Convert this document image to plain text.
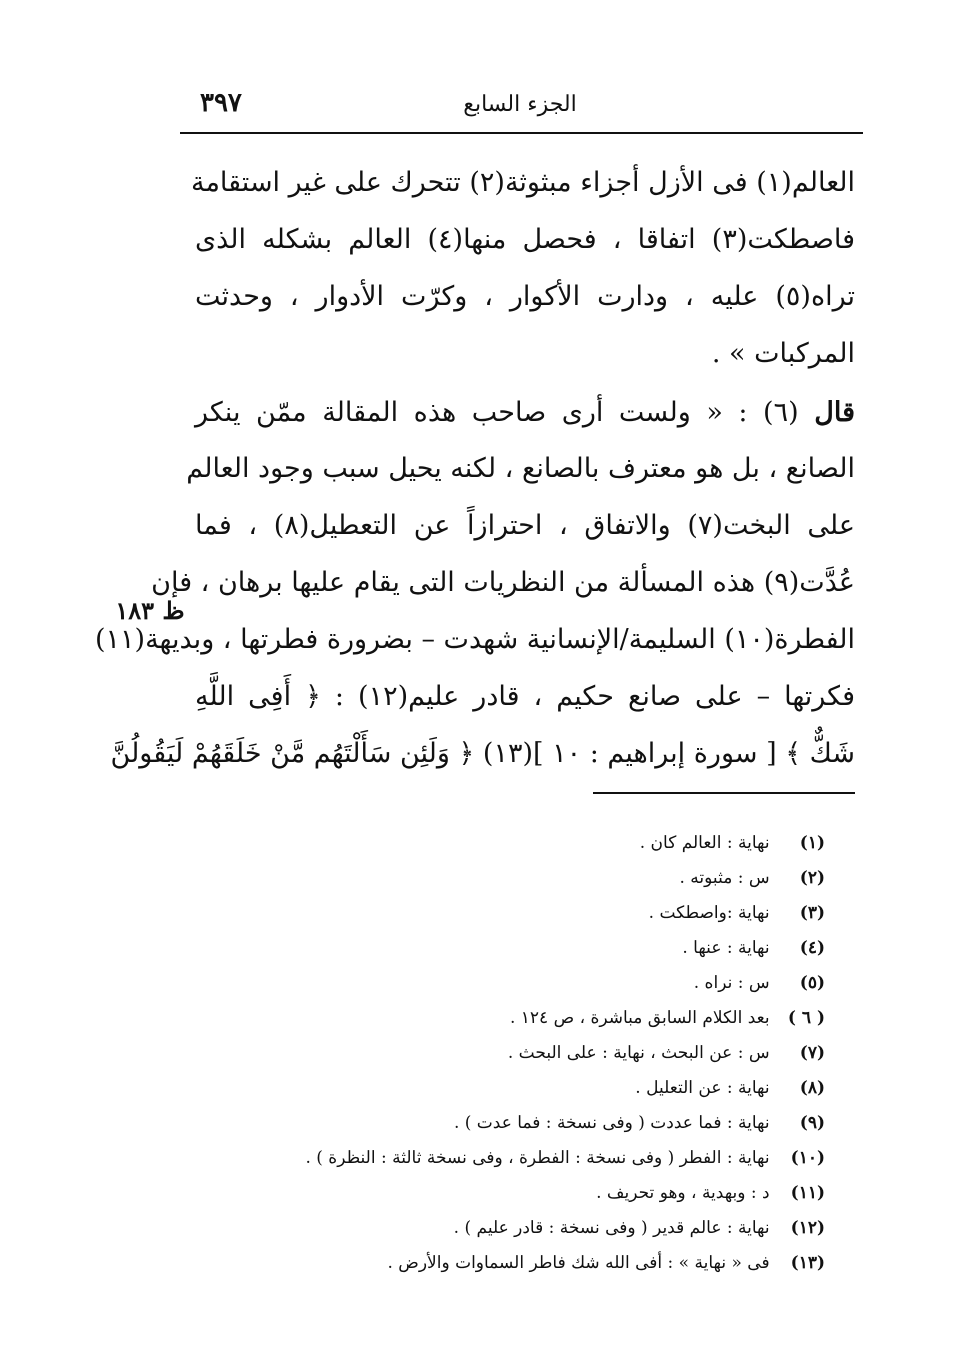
٣٩٧	الجزء السابع
العالم(١) فى الأزل أجزاء مبثوثة(٢) تتحرك على غير استقامة
فاصطكت(٣) اتفاقا ، فحصل منها(٤) العالم بشكله الذى
تراه(٥) عليه ، ودارت الأكوار ، وكرّت الأدوار ، وحدثت
المركبات » .
قال (٦) : « ولست أرى صاحب هذه المقالة ممّن ينكر
الصانع ، بل هو معترف بالصانع ، لكنه يحيل سبب وجود العالم
على البخت(٧) والاتفاق ، احترازاً عن التعطيل(٨) ، فما
عُدَّت(٩) هذه المسألة من النظريات التى يقام عليها برهان ، فإن
الفطرة(١٠) السليمة/الإنسانية شهدت – بضرورة فطرتها ، وبديهة(١١)
فكرتها – على صانع حكيم ، قادر عليم(١٢) : ﴿ أَفِى اللَّهِ
شَكٌّ ﴾ [ سورة إبراهيم : ١٠ ](١٣) ﴿ وَلَئِن سَأَلْتَهُم مَّنْ خَلَقَهُمْ لَيَقُولُنَّ
ظ ١٨٣
(١) نهاية : العالم كان .
(٢) س : مثبوته .
(٣) نهاية :واصطكت .
(٤) نهاية : عنها .
(٥) س : نراه .
( ٦ ) بعد الكلام السابق مباشرة ، ص ١٢٤ .
(٧) س : عن البحث ، نهاية : على البحث .
(٨) نهاية : عن التعليل .
(٩) نهاية : فما عددت ( وفى نسخة : فما عدت ) .
(١٠) نهاية : الفطر ( وفى نسخة : الفطرة ، وفى نسخة ثالثة : النظرة ) .
(١١) د : وبهدية ، وهو تحريف .
(١٢) نهاية : عالم قدير ( وفى نسخة : قادر عليم ) .
(١٣) فى « نهاية » : أفى الله شك فاطر السماوات والأرض .
